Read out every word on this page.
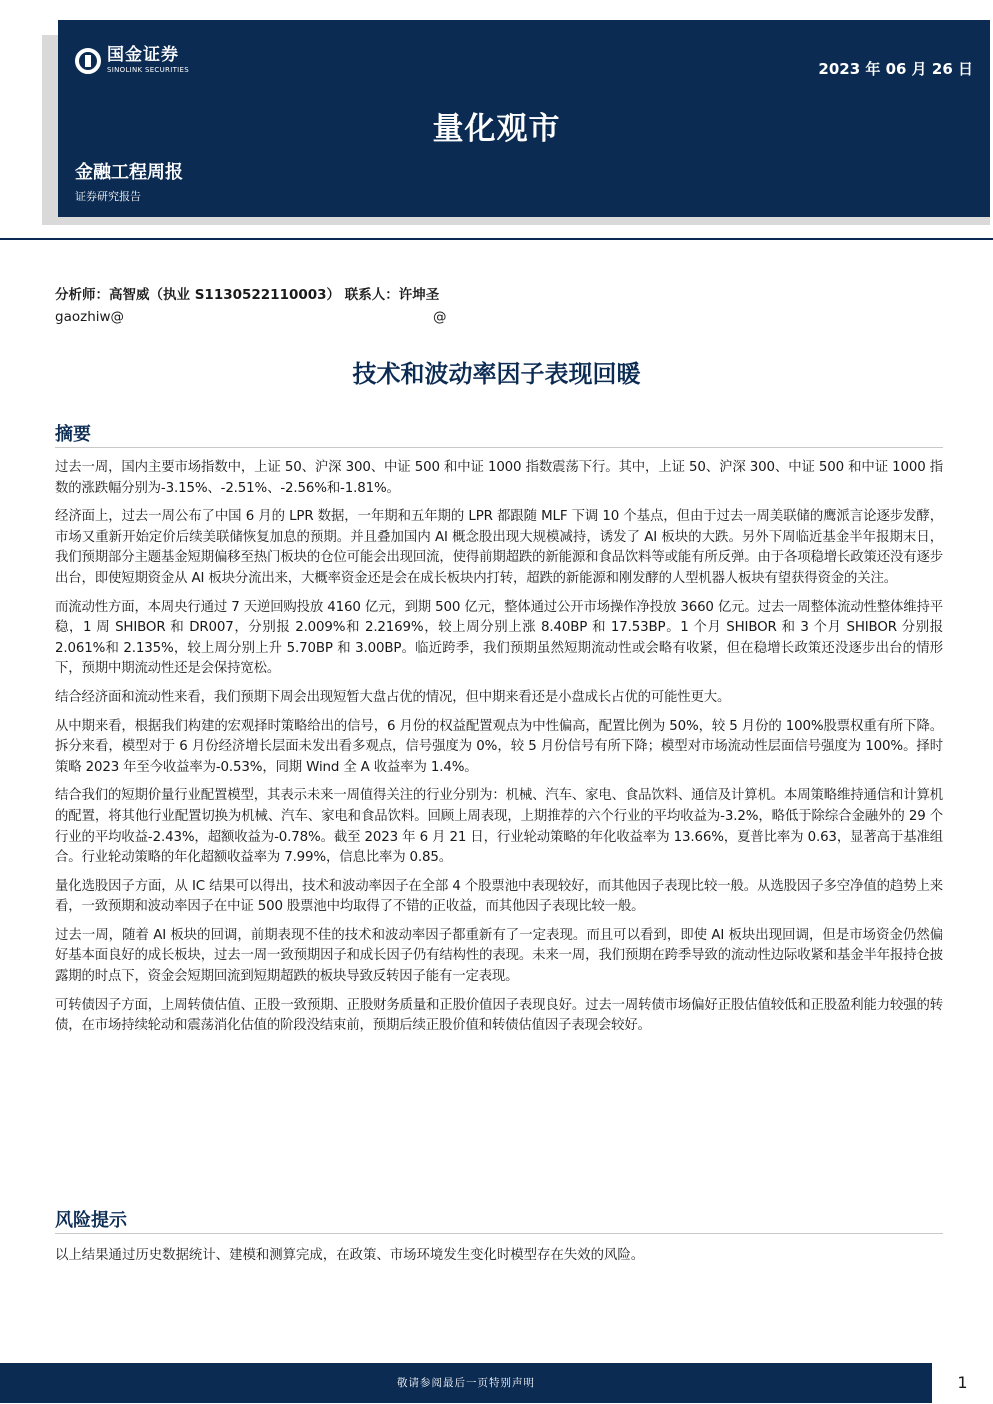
国金证券
SINOLINK SECURITIES	2023 年 06 月 26 日
量化观市
金融工程周报
证券研究报告
分析师：高智威（执业 S1130522110003） 联系人：许坤圣
gaozhiw@	@
技术和波动率因子表现回暖
摘要

过去一周，国内主要市场指数中，上证 50、沪深 300、中证 500 和中证 1000 指数震荡下行。其中，上证 50、沪深 300、中证 500 和中证 1000 指数的涨跌幅分别为-3.15%、-2.51%、-2.56%和-1.81%。

经济面上，过去一周公布了中国 6 月的 LPR 数据，一年期和五年期的 LPR 都跟随 MLF 下调 10 个基点，但由于过去一周美联储的鹰派言论逐步发酵，市场又重新开始定价后续美联储恢复加息的预期。并且叠加国内 AI 概念股出现大规模减持，诱发了 AI 板块的大跌。另外下周临近基金半年报期末日，我们预期部分主题基金短期偏移至热门板块的仓位可能会出现回流，使得前期超跌的新能源和食品饮料等或能有所反弹。由于各项稳增长政策还没有逐步出台，即使短期资金从 AI 板块分流出来，大概率资金还是会在成长板块内打转，超跌的新能源和刚发酵的人型机器人板块有望获得资金的关注。

而流动性方面，本周央行通过 7 天逆回购投放 4160 亿元，到期 500 亿元，整体通过公开市场操作净投放 3660 亿元。过去一周整体流动性整体维持平稳，1 周 SHIBOR 和 DR007，分别报 2.009%和 2.2169%，较上周分别上涨 8.40BP 和 17.53BP。1 个月 SHIBOR 和 3 个月 SHIBOR 分别报 2.061%和 2.135%，较上周分别上升 5.70BP 和 3.00BP。临近跨季，我们预期虽然短期流动性或会略有收紧，但在稳增长政策还没逐步出台的情形下，预期中期流动性还是会保持宽松。

结合经济面和流动性来看，我们预期下周会出现短暂大盘占优的情况，但中期来看还是小盘成长占优的可能性更大。

从中期来看，根据我们构建的宏观择时策略给出的信号，6 月份的权益配置观点为中性偏高，配置比例为 50%，较 5 月份的 100%股票权重有所下降。拆分来看，模型对于 6 月份经济增长层面未发出看多观点，信号强度为 0%，较 5 月份信号有所下降；模型对市场流动性层面信号强度为 100%。择时策略 2023 年至今收益率为-0.53%，同期 Wind 全 A 收益率为 1.4%。

结合我们的短期价量行业配置模型，其表示未来一周值得关注的行业分别为：机械、汽车、家电、食品饮料、通信及计算机。本周策略维持通信和计算机的配置，将其他行业配置切换为机械、汽车、家电和食品饮料。回顾上周表现，上期推荐的六个行业的平均收益为-3.2%，略低于除综合金融外的 29 个行业的平均收益-2.43%，超额收益为-0.78%。截至 2023 年 6 月 21 日，行业轮动策略的年化收益率为 13.66%，夏普比率为 0.63，显著高于基准组合。行业轮动策略的年化超额收益率为 7.99%，信息比率为 0.85。

量化选股因子方面，从 IC 结果可以得出，技术和波动率因子在全部 4 个股票池中表现较好，而其他因子表现比较一般。从选股因子多空净值的趋势上来看，一致预期和波动率因子在中证 500 股票池中均取得了不错的正收益，而其他因子表现比较一般。

过去一周，随着 AI 板块的回调，前期表现不佳的技术和波动率因子都重新有了一定表现。而且可以看到，即使 AI 板块出现回调，但是市场资金仍然偏好基本面良好的成长板块，过去一周一致预期因子和成长因子仍有结构性的表现。未来一周，我们预期在跨季导致的流动性边际收紧和基金半年报持仓披露期的时点下，资金会短期回流到短期超跌的板块导致反转因子能有一定表现。

可转债因子方面，上周转债估值、正股一致预期、正股财务质量和正股价值因子表现良好。过去一周转债市场偏好正股估值较低和正股盈利能力较强的转债，在市场持续轮动和震荡消化估值的阶段没结束前，预期后续正股价值和转债估值因子表现会较好。

风险提示
以上结果通过历史数据统计、建模和测算完成，在政策、市场环境发生变化时模型存在失效的风险。
敬请参阅最后一页特别声明	1
